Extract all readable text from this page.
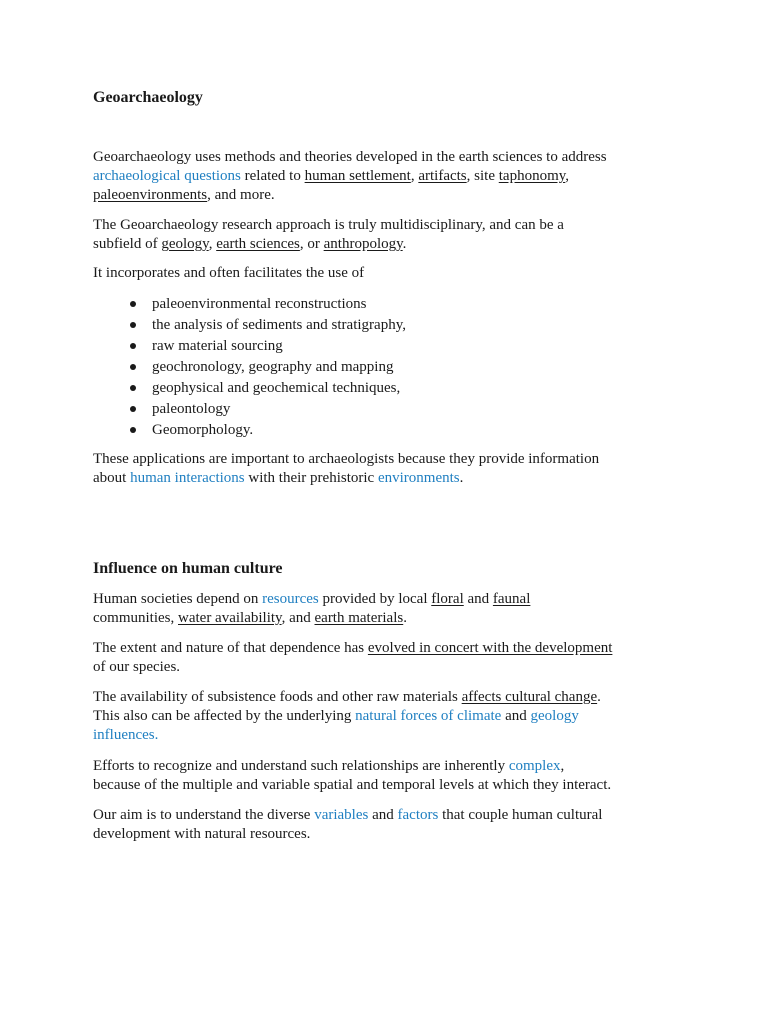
Geoarchaeology
Geoarchaeology uses methods and theories developed in the earth sciences to address
archaeological questions related to human settlement, artifacts, site taphonomy,
paleoenvironments, and more.
The Geoarchaeology research approach is truly multidisciplinary, and can be a
subfield of geology, earth sciences, or anthropology.
It incorporates and often facilitates the use of
paleoenvironmental reconstructions
the analysis of sediments and stratigraphy,
raw material sourcing
geochronology, geography and mapping
geophysical and geochemical techniques,
paleontology
Geomorphology.
These applications are important to archaeologists because they provide information
about human interactions with their prehistoric environments.
Influence on human culture
Human societies depend on resources provided by local floral and faunal
communities, water availability, and earth materials.
The extent and nature of that dependence has evolved in concert with the development
of our species.
The availability of subsistence foods and other raw materials affects cultural change.
This also can be affected by the underlying natural forces of climate and geology
influences.
Efforts to recognize and understand such relationships are inherently complex,
because of the multiple and variable spatial and temporal levels at which they interact.
Our aim is to understand the diverse variables and factors that couple human cultural
development with natural resources.
